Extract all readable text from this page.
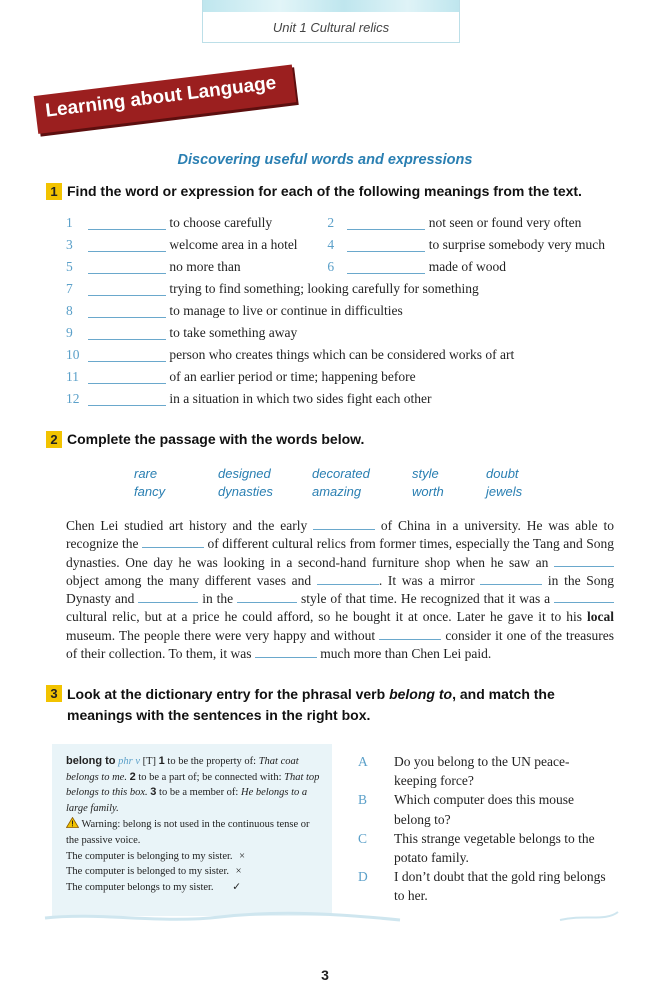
Unit 1 Cultural relics
Learning about Language
Discovering useful words and expressions
1 Find the word or expression for each of the following meanings from the text.
1	to choose carefully	2	not seen or found very often
3	welcome area in a hotel 4	to surprise somebody very much
5	no more than	6	made of wood
7	trying to find something; looking carefully for something
8	to manage to live or continue in difficulties
9	to take something away
10	person who creates things which can be considered works of art
11	of an earlier period or time; happening before
12	in a situation in which two sides fight each other
2 Complete the passage with the words below.
rare	designed	decorated	style	doubt
fancy	dynasties	amazing	worth	jewels
Chen Lei studied art history and the early	of China in a university. He was able to recognize the	of different cultural relics from former times, especially the Tang and Song dynasties. One day he was looking in a second-hand furniture shop when he saw an  object among the many different vases and	. It was a mirror	in the Song Dynasty and	in the	style of that time. He recognized that it was a  cultural relic, but at a price he could afford, so he bought it at once. Later he gave it to his local museum. The people there were very happy and without	consider it one of the treasures of their collection. To them, it was	much more than Chen Lei paid.
3 Look at the dictionary entry for the phrasal verb belong to, and match the meanings with the sentences in the right box.
belong to phr v [T] 1 to be the property of: That coat belongs to me. 2 to be a part of; be connected with: That top belongs to this box. 3 to be a member of: He belongs to a large family.
Warning: belong is not used in the continuous tense or the passive voice.
The computer is belonging to my sister. ×
The computer is belonged to my sister. ×
The computer belongs to my sister. ✓
A Do you belong to the UN peace-keeping force?
B Which computer does this mouse belong to?
C This strange vegetable belongs to the potato family.
D I don’t doubt that the gold ring belongs to her.
3
